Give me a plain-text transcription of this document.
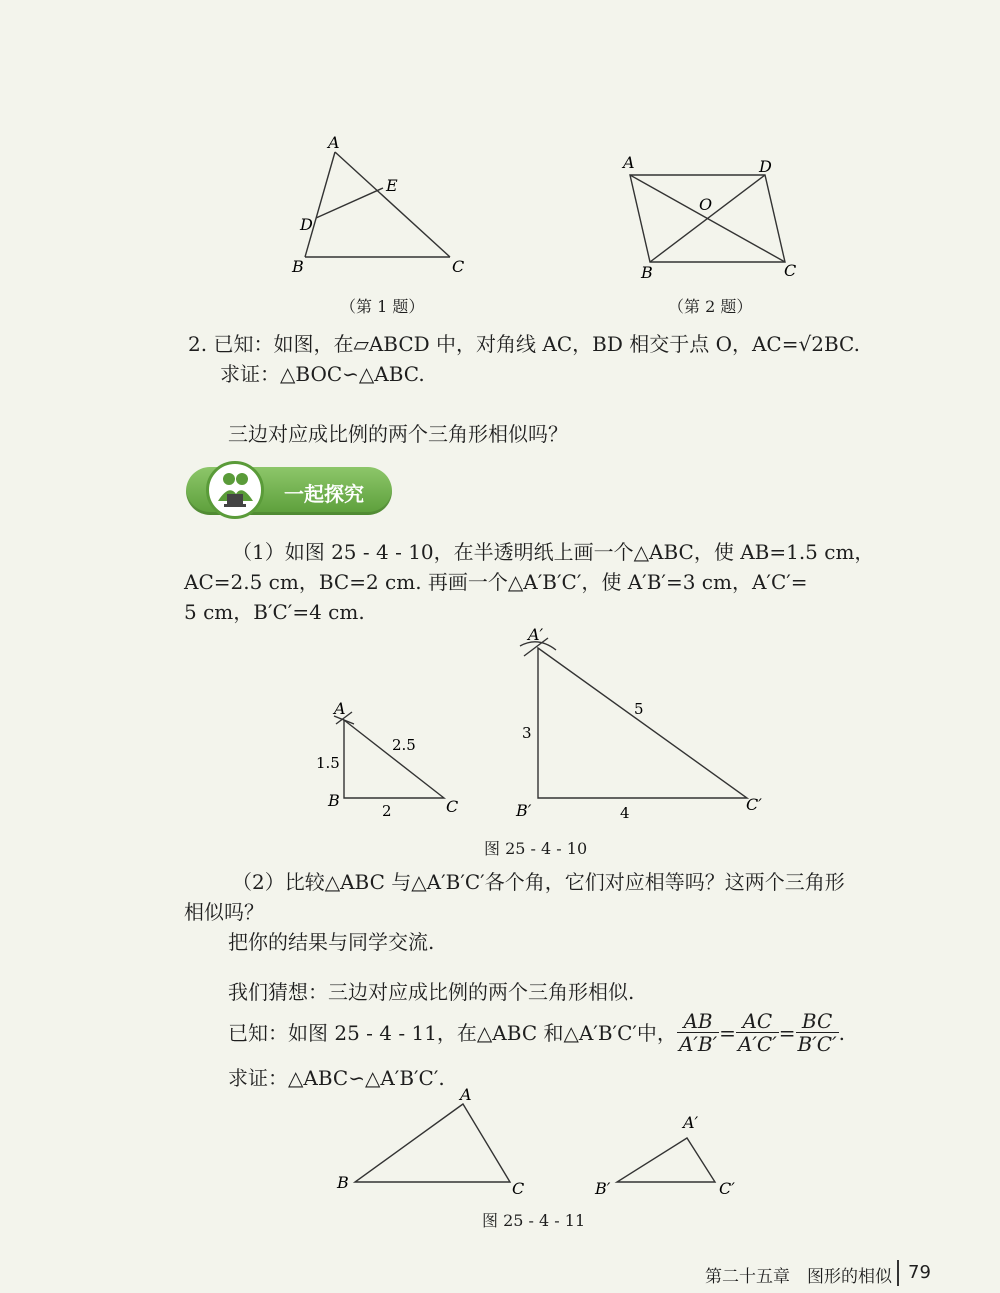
A
E
D
B	C
（第 1 题）
A	D
O
B	C
（第 2 题）
2. 已知：如图，在▱ABCD 中，对角线 AC，BD 相交于点 O，AC=√2BC.
求证：△BOC∽△ABC.
三边对应成比例的两个三角形相似吗？
一起探究
（1）如图 25 - 4 - 10，在半透明纸上画一个△ABC，使 AB=1.5 cm，
AC=2.5 cm，BC=2 cm. 再画一个△A′B′C′，使 A′B′=3 cm，A′C′=
5 cm，B′C′=4 cm.
A
B	C
1.5
2.5
2
A′
B′	C′
3
5
4
图 25 - 4 - 10
（2）比较△ABC 与△A′B′C′各个角，它们对应相等吗？这两个三角形
相似吗？
把你的结果与同学交流.
我们猜想：三边对应成比例的两个三角形相似.
已知：如图 25 - 4 - 11，在△ABC 和△A′B′C′中， $\frac{AB}{A'B'} = \frac{AC}{A'C'} = \frac{BC}{B'C'}$ .
求证：△ABC∽△A′B′C′.
A
B	C
A′
B′	C′
图 25 - 4 - 11
第二十五章　图形的相似 79
